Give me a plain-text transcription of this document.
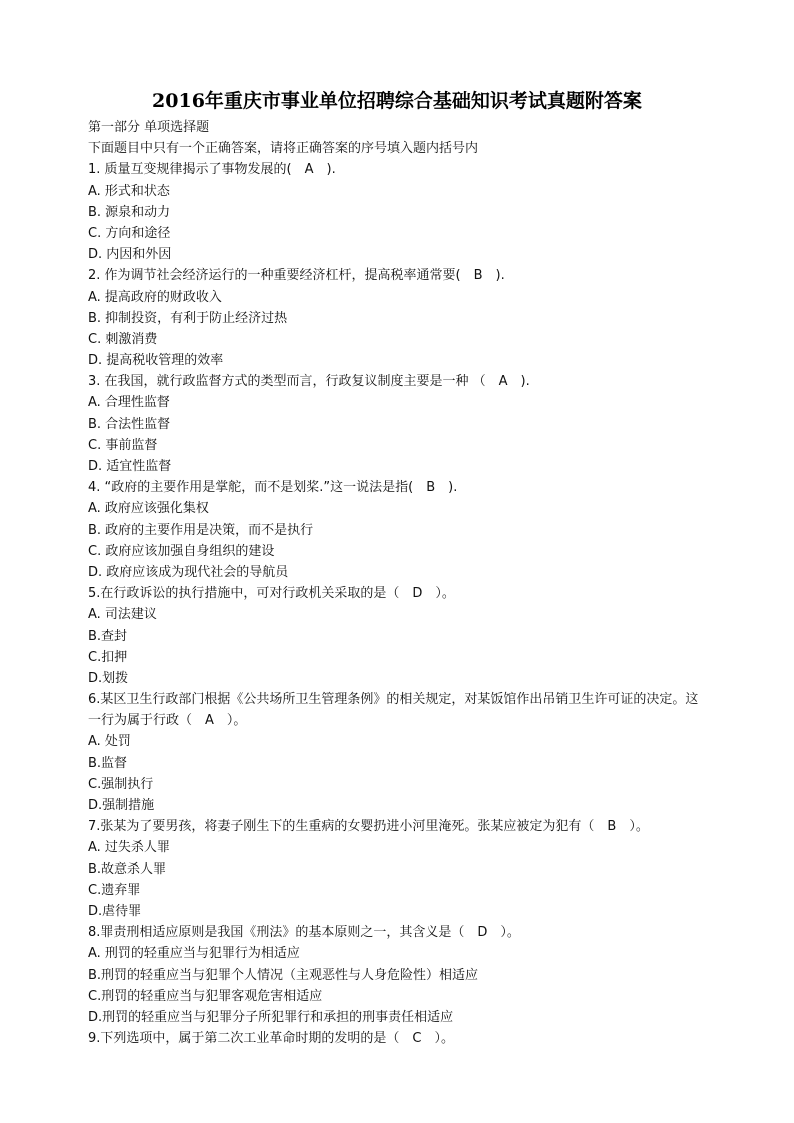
2016年重庆市事业单位招聘综合基础知识考试真题附答案
第一部分 单项选择题
下面题目中只有一个正确答案，请将正确答案的序号填入题内括号内
1. 质量互变规律揭示了事物发展的(　A　).
A. 形式和状态
B. 源泉和动力
C. 方向和途径
D. 内因和外因
2. 作为调节社会经济运行的一种重要经济杠杆，提高税率通常要(　B　).
A. 提高政府的财政收入
B. 抑制投资，有利于防止经济过热
C. 刺激消费
D. 提高税收管理的效率
3. 在我国，就行政监督方式的类型而言，行政复议制度主要是一种 （　A　).
A. 合理性监督
B. 合法性监督
C. 事前监督
D. 适宜性监督
4. “政府的主要作用是掌舵，而不是划桨.”这一说法是指(　B　).
A. 政府应该强化集权
B. 政府的主要作用是决策，而不是执行
C. 政府应该加强自身组织的建设
D. 政府应该成为现代社会的导航员
5.在行政诉讼的执行措施中，可对行政机关采取的是（　D　）。
A. 司法建议
B.查封
C.扣押
D.划拨
6.某区卫生行政部门根据《公共场所卫生管理条例》的相关规定，对某饭馆作出吊销卫生许可证的决定。这一行为属于行政（　A　）。
A. 处罚
B.监督
C.强制执行
D.强制措施
7.张某为了要男孩，将妻子刚生下的生重病的女婴扔进小河里淹死。张某应被定为犯有（　B　）。
A. 过失杀人罪
B.故意杀人罪
C.遗弃罪
D.虐待罪
8.罪责刑相适应原则是我国《刑法》的基本原则之一，其含义是（　D　）。
A. 刑罚的轻重应当与犯罪行为相适应
B.刑罚的轻重应当与犯罪个人情况（主观恶性与人身危险性）相适应
C.刑罚的轻重应当与犯罪客观危害相适应
D.刑罚的轻重应当与犯罪分子所犯罪行和承担的刑事责任相适应
9.下列选项中，属于第二次工业革命时期的发明的是（　C　）。
